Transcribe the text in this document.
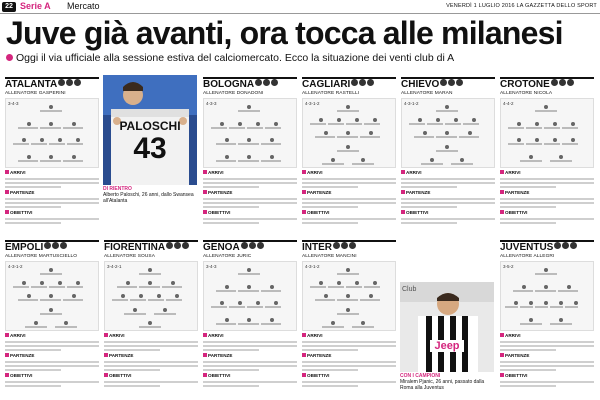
22 Serie A Mercato	VENERDÌ 1 LUGLIO 2016 LA GAZZETTA DELLO SPORT
Juve già avanti, ora tocca alle milanesi
Oggi il via ufficiale alla sessione estiva del calciomercato. Ecco la situazione dei venti club di A
ATALANTA
ALLENATORE GASPERINI
3-4-3
ARRIVI
PARTENZE
OBIETTIVI
BOLOGNA
ALLENATORE DONADONI
4-3-3
ARRIVI
PARTENZE
OBIETTIVI
CAGLIARI
ALLENATORE RASTELLI
4-3-1-2
ARRIVI
PARTENZE
OBIETTIVI
CHIEVO
ALLENATORE MARAN
4-3-1-2
ARRIVI
PARTENZE
OBIETTIVI
CROTONE
ALLENATORE NICOLA
4-4-2
ARRIVI
PARTENZE
OBIETTIVI
EMPOLI
ALLENATORE MARTUSCIELLO
4-3-1-2
ARRIVI
PARTENZE
OBIETTIVI
FIORENTINA
ALLENATORE SOUSA
3-4-2-1
ARRIVI
PARTENZE
OBIETTIVI
GENOA
ALLENATORE JURIC
3-4-3
ARRIVI
PARTENZE
OBIETTIVI
INTER
ALLENATORE MANCINI
4-3-1-2
ARRIVI
PARTENZE
OBIETTIVI
JUVENTUS
ALLENATORE ALLEGRI
3-5-2
ARRIVI
PARTENZE
OBIETTIVI
PALOSCHI
43
DI RIENTRO
Alberto Paloschi, 26 anni, dallo Swansea all'Atalanta
Club
Jeep
CON I CAMPIONI
Miralem Pjanic, 26 anni, passato dalla Roma alla Juventus
